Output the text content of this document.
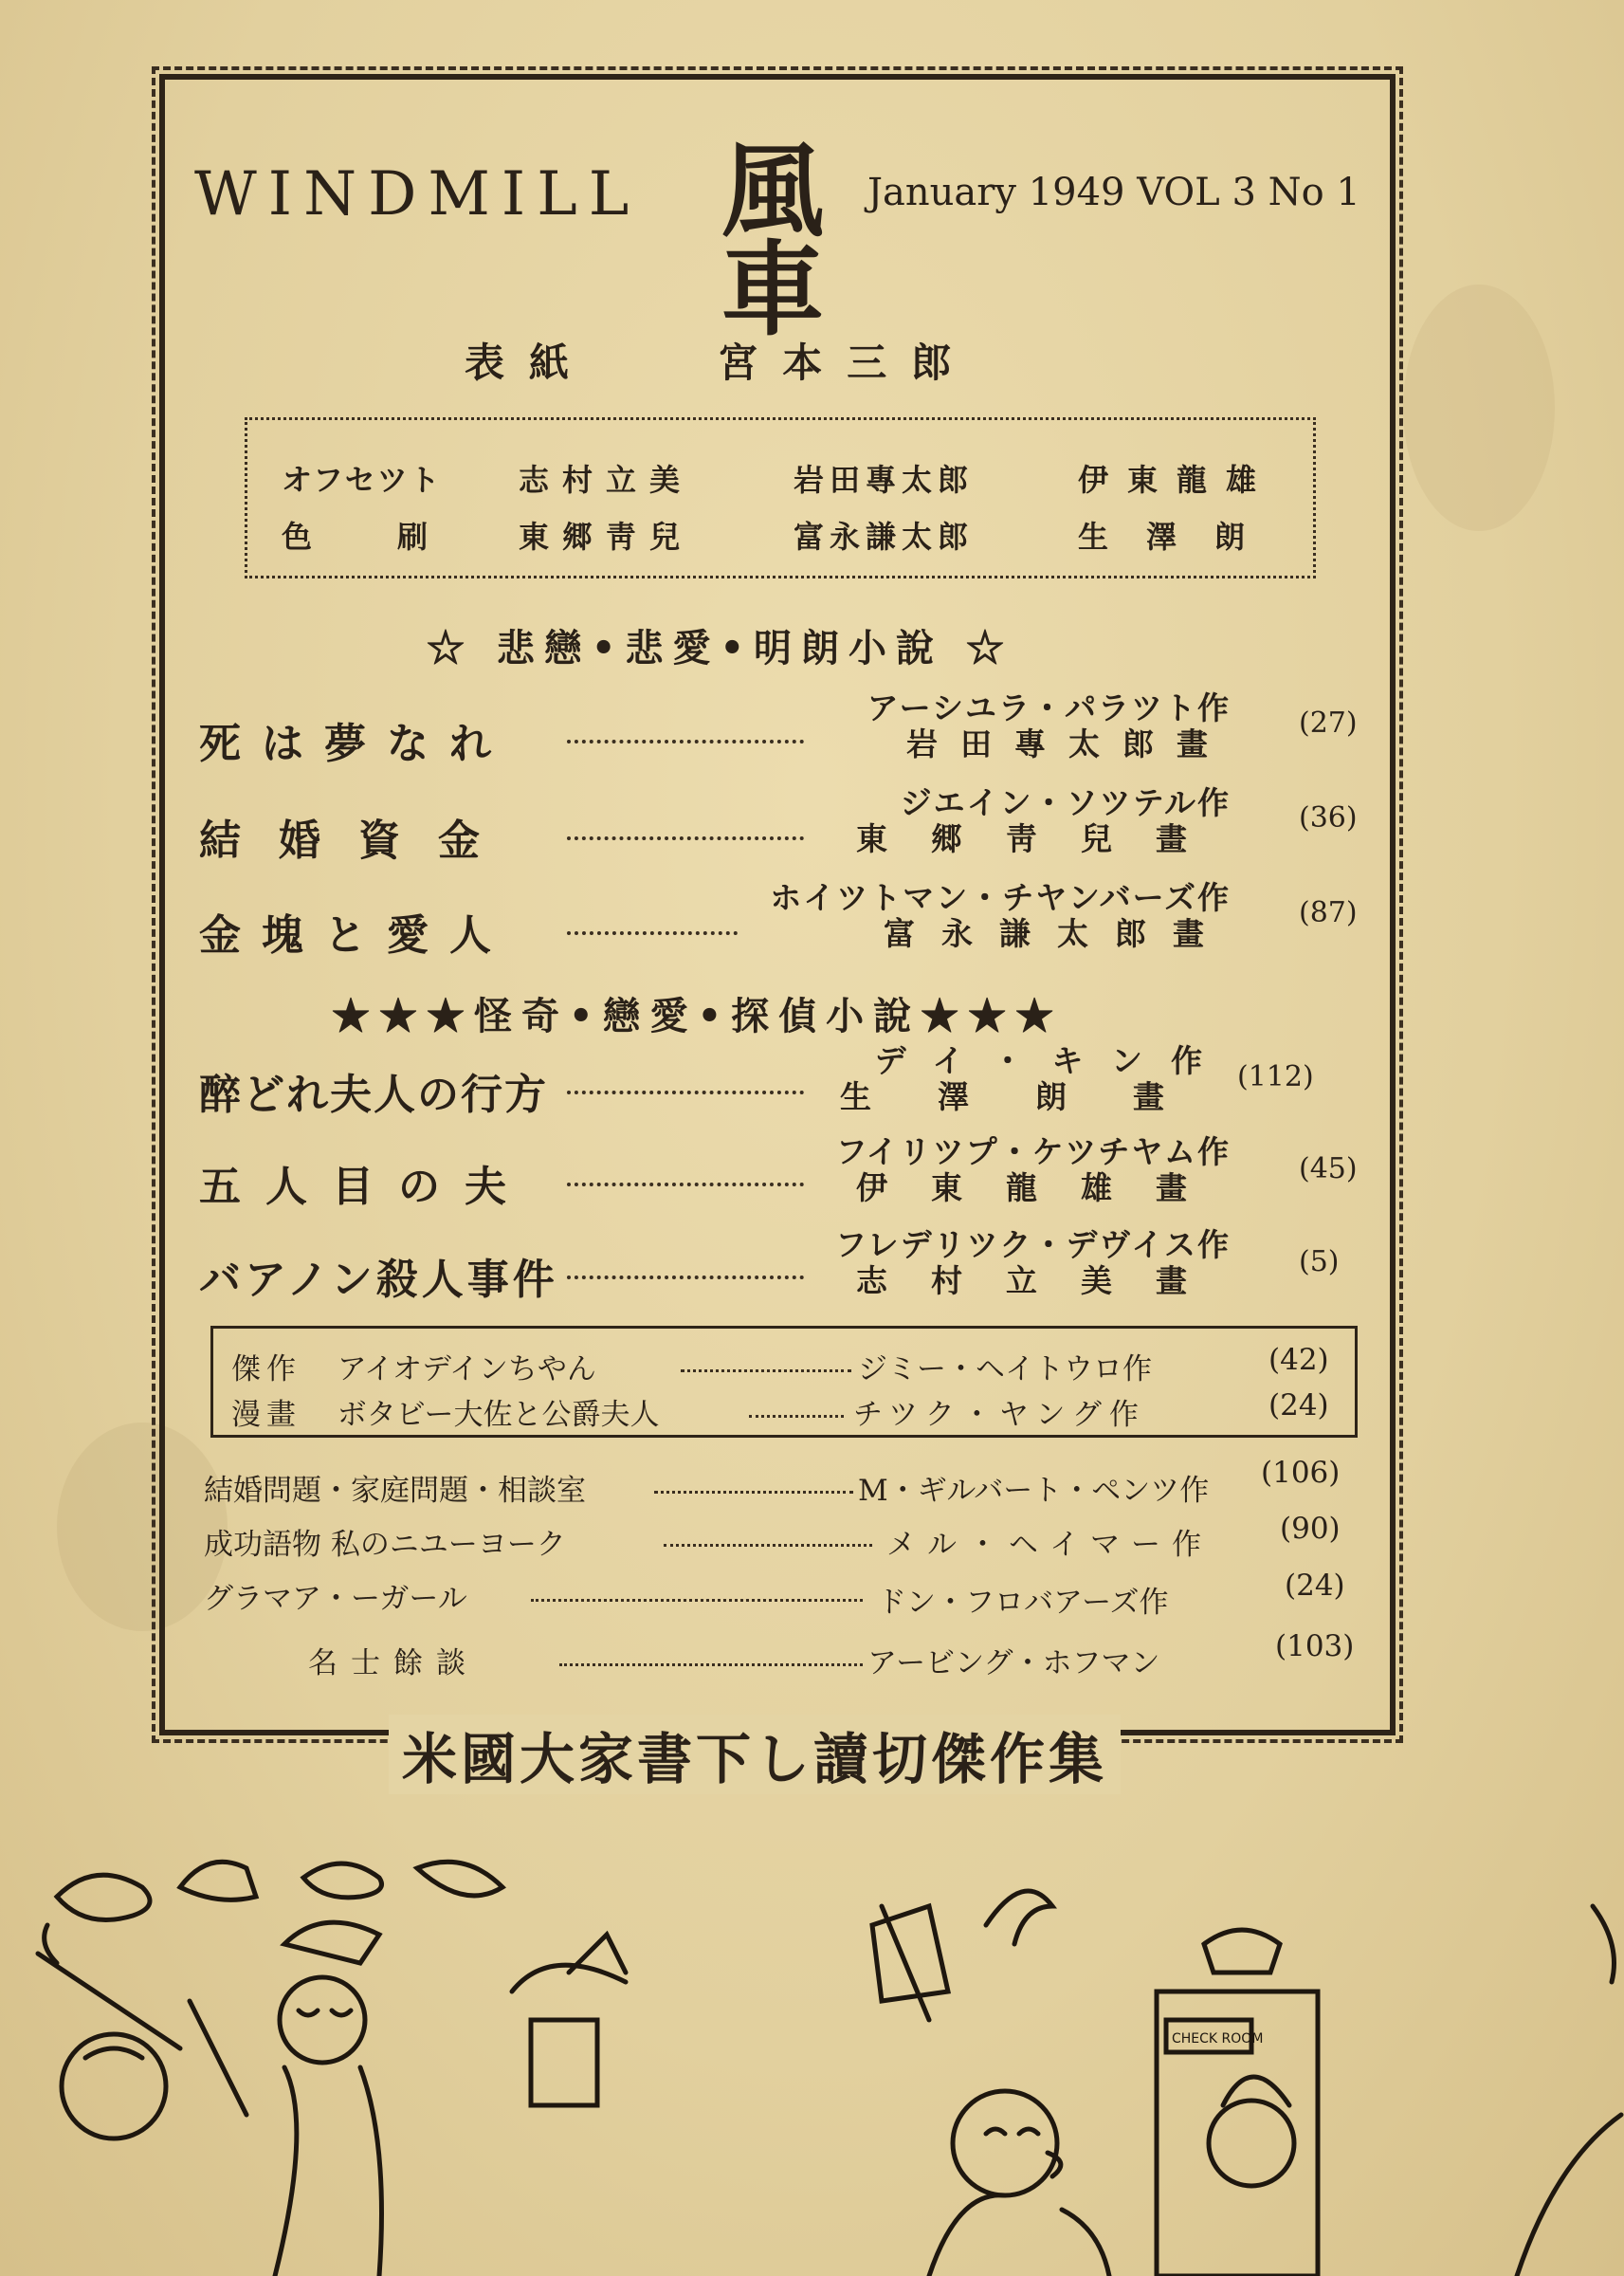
WINDMILL 風車
January 1949 VOL 3 No 1
表紙	宮本三郎
オフセツト	志村立美	岩田專太郎	伊東龍雄
色刷 東郷靑兒	富永謙太郎	生澤朗
☆ 悲戀•悲愛•明朗小說 ☆
死は夢なれ
アーシユラ・パラツト作
岩田專太郎畫
(27)
結婚資金
ジエイン・ソツテル作
東郷靑兒畫
(36)
金塊と愛人
ホイツトマン・チヤンバーズ作
富永謙太郎畫
(87)
★★★怪奇•戀愛•探偵小說★★★
醉どれ夫人の行方
デイ・キン作
生澤朗畫
(112)
五人目の夫
フイリツプ・ケツチヤム作
伊東龍雄畫
(45)
バアノン殺人事件
フレデリツク・デヴイス作
志村立美畫
(5)
傑作 アイオデインちやん	ジミー・ヘイトウロ作	(42)
漫畫 ボタビー大佐と公爵夫人	チツク・ヤング作	(24)
結婚問題・家庭問題・相談室	M・ギルバート・ペンツ作
(106)
成功語物 私のニユーヨーク	メル・ヘイマー作 (90)
グラマア・ーガール	ドン・フロバアーズ作	(24)
名士餘談	アービング・ホフマン	(103)
米國大家書下し讀切傑作集
CHECK ROOM
